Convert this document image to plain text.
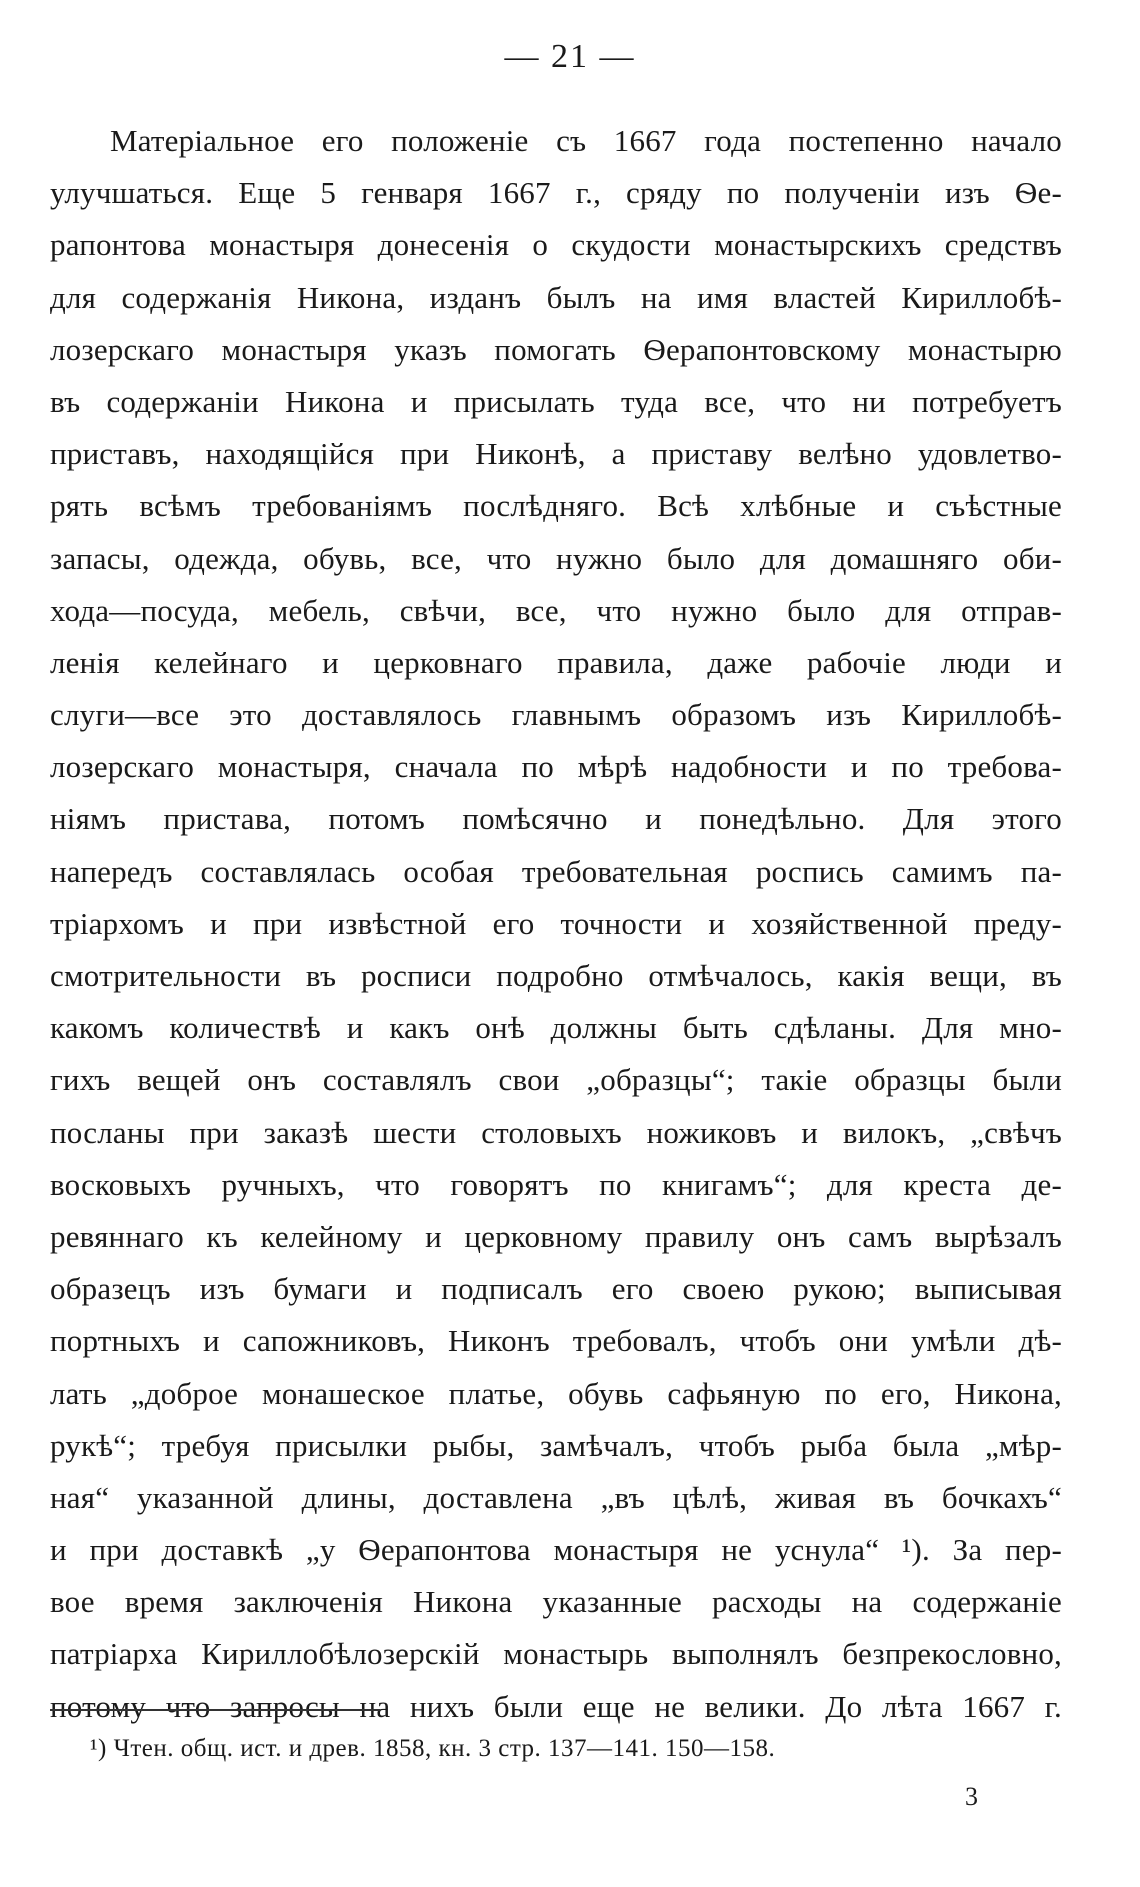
— 21 —
Матеріальное его положеніе съ 1667 года постепенно начало
улучшаться. Еще 5 генваря 1667 г., сряду по полученіи изъ Ѳе-
рапонтова монастыря донесенія о скудости монастырскихъ средствъ
для содержанія Никона, изданъ былъ на имя властей Кириллобѣ-
лозерскаго монастыря указъ помогать Ѳерапонтовскому монастырю
въ содержаніи Никона и присылать туда все, что ни потребуетъ
приставъ, находящійся при Никонѣ, а приставу велѣно удовлетво-
рять всѣмъ требованіямъ послѣдняго. Всѣ хлѣбные и съѣстные
запасы, одежда, обувь, все, что нужно было для домашняго оби-
хода—посуда, мебель, свѣчи, все, что нужно было для отправ-
ленія келейнаго и церковнаго правила, даже рабочіе люди и
слуги—все это доставлялось главнымъ образомъ изъ Кириллобѣ-
лозерскаго монастыря, сначала по мѣрѣ надобности и по требова-
ніямъ пристава, потомъ помѣсячно и понедѣльно. Для этого
напередъ составлялась особая требовательная роспись самимъ па-
тріархомъ и при извѣстной его точности и хозяйственной преду-
смотрительности въ росписи подробно отмѣчалось, какія вещи, въ
какомъ количествѣ и какъ онѣ должны быть сдѣланы. Для мно-
гихъ вещей онъ составлялъ свои „образцы“; такіе образцы были
посланы при заказѣ шести столовыхъ ножиковъ и вилокъ, „свѣчъ
восковыхъ ручныхъ, что говорятъ по книгамъ“; для креста де-
ревяннаго къ келейному и церковному правилу онъ самъ вырѣзалъ
образецъ изъ бумаги и подписалъ его своею рукою; выписывая
портныхъ и сапожниковъ, Никонъ требовалъ, чтобъ они умѣли дѣ-
лать „доброе монашеское платье, обувь сафьяную по его, Никона,
рукѣ“; требуя присылки рыбы, замѣчалъ, чтобъ рыба была „мѣр-
ная“ указанной длины, доставлена „въ цѣлѣ, живая въ бочкахъ“
и при доставкѣ „у Ѳерапонтова монастыря не уснула“ ¹). За пер-
вое время заключенія Никона указанные расходы на содержаніе
патріарха Кириллобѣлозерскій монастырь выполнялъ безпрекословно,
потому что запросы на нихъ были еще не велики. До лѣта 1667 г.
¹) Чтен. общ. ист. и древ. 1858, кн. 3 стр. 137—141. 150—158.
3
